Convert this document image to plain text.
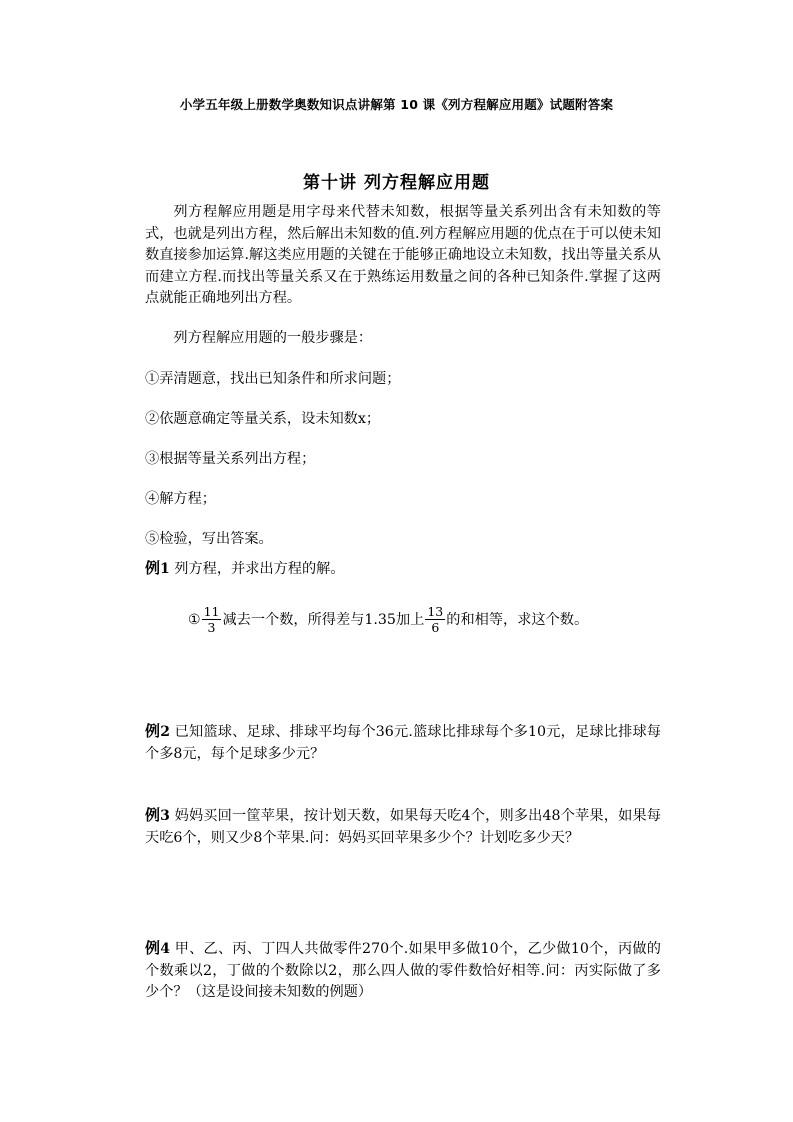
小学五年级上册数学奥数知识点讲解第 10 课《列方程解应用题》试题附答案
第十讲 列方程解应用题

列方程解应用题是用字母来代替未知数，根据等量关系列出含有未知数的等式，也就是列出方程，然后解出未知数的值.列方程解应用题的优点在于可以使未知数直接参加运算.解这类应用题的关键在于能够正确地设立未知数，找出等量关系从而建立方程.而找出等量关系又在于熟练运用数量之间的各种已知条件.掌握了这两点就能正确地列出方程。

列方程解应用题的一般步骤是：

①弄清题意，找出已知条件和所求问题；

②依题意确定等量关系，设未知数x；

③根据等量关系列出方程；

④解方程；

⑤检验，写出答案。

例1 列方程，并求出方程的解。
① $\frac{11}{3}$ 减去一个数，所得差与1.35加上 $\frac{13}{6}$ 的和相等，求这个数。
例2 已知篮球、足球、排球平均每个36元.篮球比排球每个多10元，足球比排球每个多8元，每个足球多少元？
例3 妈妈买回一筐苹果，按计划天数，如果每天吃4个，则多出48个苹果，如果每天吃6个，则又少8个苹果.问：妈妈买回苹果多少个？计划吃多少天？
例4 甲、乙、丙、丁四人共做零件270个.如果甲多做10个，乙少做10个，丙做的个数乘以2，丁做的个数除以2，那么四人做的零件数恰好相等.问：丙实际做了多少个？（这是设间接未知数的例题）
